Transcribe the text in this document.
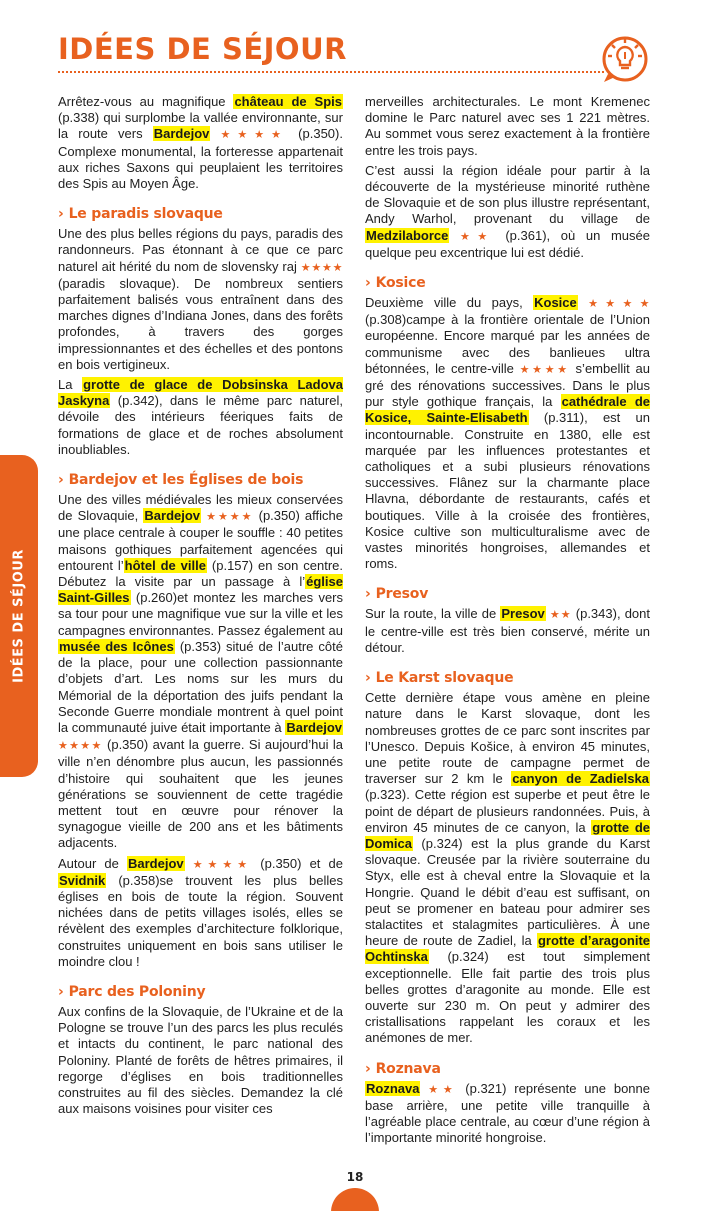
IDÉES DE SÉJOUR
IDÉES DE SÉJOUR

Arrêtez-vous au magnifique château de Spis (p.338) qui surplombe la vallée environnante, sur la route vers Bardejov ★★★★ (p.350). Complexe monumental, la forteresse appartenait aux riches Saxons qui peuplaient les territoires des Spis au Moyen Âge.

› Le paradis slovaque

Une des plus belles régions du pays, paradis des randonneurs. Pas étonnant à ce que ce parc naturel ait hérité du nom de slovensky raj ★★★★ (paradis slovaque). De nombreux sentiers parfaitement balisés vous entraînent dans des marches dignes d’Indiana Jones, dans des forêts profondes, à travers des gorges impressionnantes et des échelles et des pontons en bois vertigineux.

La grotte de glace de Dobsinska Ladova Jaskyna (p.342), dans le même parc naturel, dévoile des intérieurs féeriques faits de formations de glace et de roches absolument inoubliables.

› Bardejov et les Églises de bois

Une des villes médiévales les mieux conservées de Slovaquie, Bardejov ★★★★ (p.350) affiche une place centrale à couper le souffle : 40 petites maisons gothiques parfaitement agencées qui entourent l’hôtel de ville (p.157) en son centre. Débutez la visite par un passage à l’église Saint-Gilles (p.260)et montez les marches vers sa tour pour une magnifique vue sur la ville et les campagnes environnantes. Passez également au musée des Icônes (p.353) situé de l’autre côté de la place, pour une collection passionnante d’objets d’art. Les noms sur les murs du Mémorial de la déportation des juifs pendant la Seconde Guerre mondiale montrent à quel point la communauté juive était importante à Bardejov ★★★★ (p.350) avant la guerre. Si aujourd’hui la ville n’en dénombre plus aucun, les passionnés d’histoire qui souhaitent que les jeunes générations se souviennent de cette tragédie mettent tout en œuvre pour rénover la synagogue vieille de 200 ans et les bâtiments adjacents.

Autour de Bardejov ★★★★ (p.350) et de Svidnik (p.358)se trouvent les plus belles églises en bois de toute la région. Souvent nichées dans de petits villages isolés, elles se révèlent des exemples d’architecture folklorique, construites uniquement en bois sans utiliser le moindre clou !

› Parc des Poloniny

Aux confins de la Slovaquie, de l’Ukraine et de la Pologne se trouve l’un des parcs les plus reculés et intacts du continent, le parc national des Poloniny. Planté de forêts de hêtres primaires, il regorge d’églises en bois traditionnelles construites au fil des siècles. Demandez la clé aux maisons voisines pour visiter ces

merveilles architecturales. Le mont Kremenec domine le Parc naturel avec ses 1 221 mètres. Au sommet vous serez exactement à la frontière entre les trois pays.

C’est aussi la région idéale pour partir à la découverte de la mystérieuse minorité ruthène de Slovaquie et de son plus illustre représentant, Andy Warhol, provenant du village de Medzilaborce ★★ (p.361), où un musée quelque peu excentrique lui est dédié.

› Kosice

Deuxième ville du pays, Kosice ★★★★ (p.308)campe à la frontière orientale de l’Union européenne. Encore marqué par les années de communisme avec des banlieues ultra bétonnées, le centre-ville ★★★★ s’embellit au gré des rénovations successives. Dans le plus pur style gothique français, la cathédrale de Kosice, Sainte-Elisabeth (p.311), est un incontournable. Construite en 1380, elle est marquée par les influences protestantes et catholiques et a subi plusieurs rénovations successives. Flânez sur la charmante place Hlavna, débordante de restaurants, cafés et boutiques. Ville à la croisée des frontières, Kosice cultive son multiculturalisme avec de vastes minorités hongroises, allemandes et roms.

› Presov

Sur la route, la ville de Presov ★★ (p.343), dont le centre-ville est très bien conservé, mérite un détour.

› Le Karst slovaque

Cette dernière étape vous amène en pleine nature dans le Karst slovaque, dont les nombreuses grottes de ce parc sont inscrites par l’Unesco. Depuis Košice, à environ 45 minutes, une petite route de campagne permet de traverser sur 2 km le canyon de Zadielska (p.323). Cette région est superbe et peut être le point de départ de plusieurs randonnées. Puis, à environ 45 minutes de ce canyon, la grotte de Domica (p.324) est la plus grande du Karst slovaque. Creusée par la rivière souterraine du Styx, elle est à cheval entre la Slovaquie et la Hongrie. Quand le débit d’eau est suffisant, on peut se promener en bateau pour admirer ses stalactites et stalagmites particulières. À une heure de route de Zadiel, la grotte d’aragonite Ochtinska (p.324) est tout simplement exceptionnelle. Elle fait partie des trois plus belles grottes d’aragonite au monde. Elle est ouverte sur 230 m. On peut y admirer des cristallisations rappelant les coraux et les anémones de mer.

› Roznava

Roznava ★★ (p.321) représente une bonne base arrière, une petite ville tranquille à l’agréable place centrale, au cœur d’une région à l’importante minorité hongroise.

18
